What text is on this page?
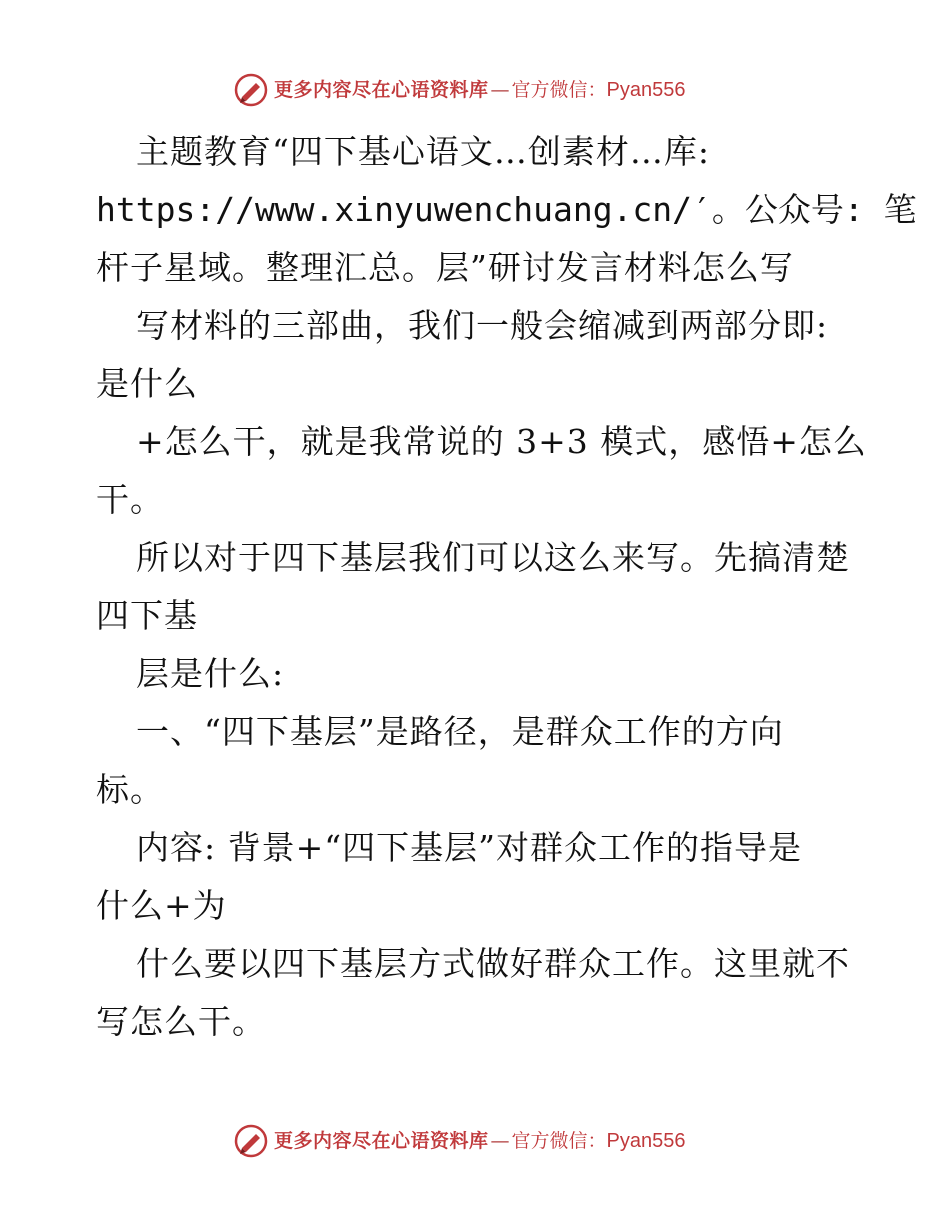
更多内容尽在心语资料库 — 官方微信： Pyan556
主题教育“四下基心语文…创素材…库:
https://www.xinyuwenchuang.cn/′。公众号: 笔
杆子星域。整理汇总。层”研讨发言材料怎么写
写材料的三部曲，我们一般会缩减到两部分即:
是什么
+怎么干，就是我常说的 3+3 模式，感悟+怎么
干。
所以对于四下基层我们可以这么来写。先搞清楚
四下基
层是什么:
一、“四下基层”是路径，是群众工作的方向
标。
内容: 背景+“四下基层”对群众工作的指导是
什么+为
什么要以四下基层方式做好群众工作。这里就不
写怎么干。
更多内容尽在心语资料库 — 官方微信： Pyan556
